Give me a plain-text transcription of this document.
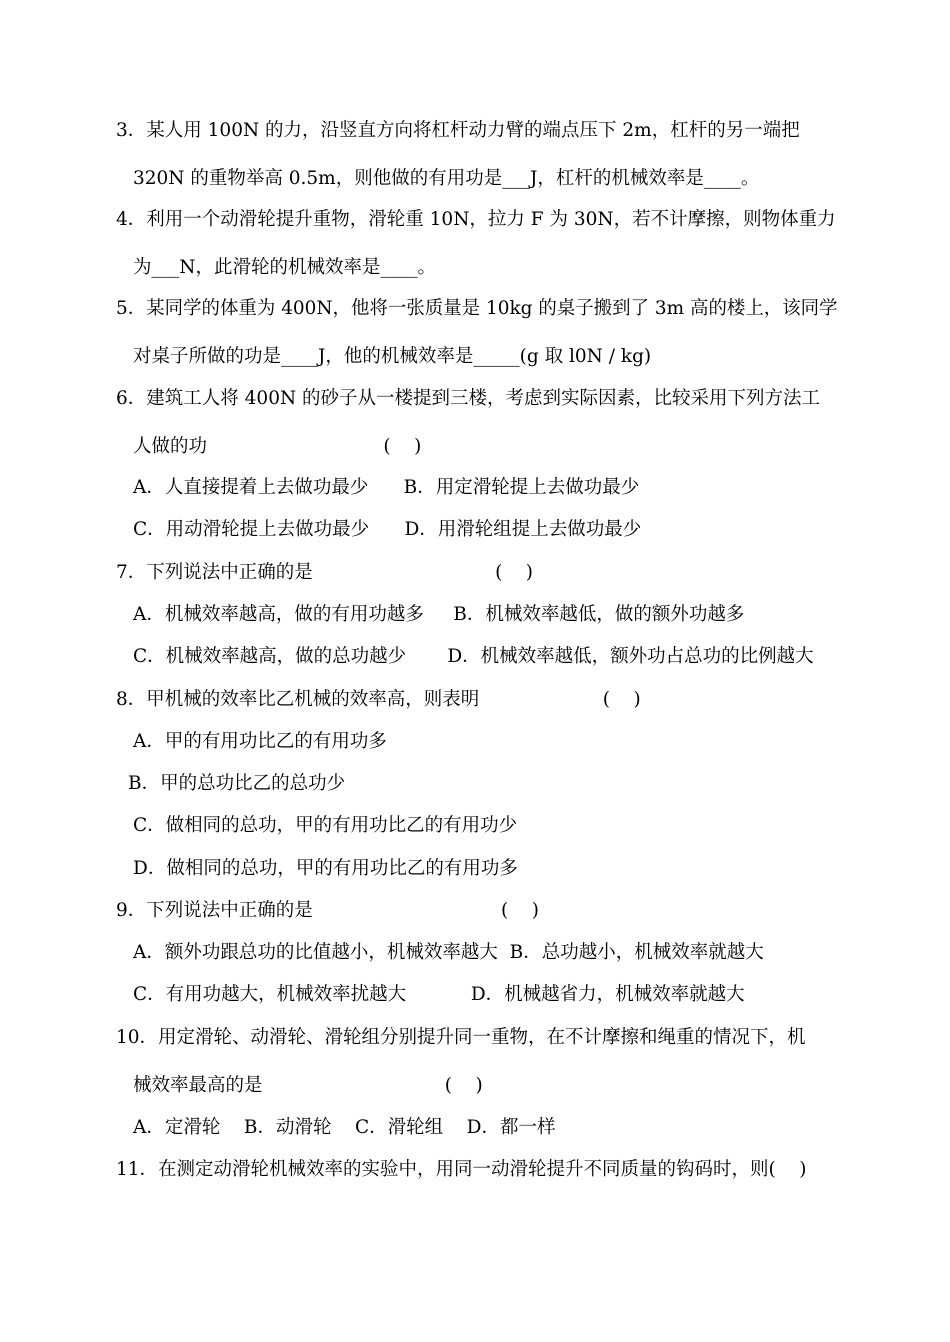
3．某人用 100N 的力，沿竖直方向将杠杆动力臂的端点压下 2m，杠杆的另一端把
320N 的重物举高 0.5m，则他做的有用功是___J，杠杆的机械效率是____。
4．利用一个动滑轮提升重物，滑轮重 10N，拉力 F 为 30N，若不计摩擦，则物体重力
为___N，此滑轮的机械效率是____。
5．某同学的体重为 400N，他将一张质量是 10kg 的桌子搬到了 3m 高的楼上，该同学
对桌子所做的功是____J，他的机械效率是_____(g 取 l0N / kg)
6．建筑工人将 400N 的砂子从一楼提到三楼，考虑到实际因素，比较采用下列方法工
人做的功                              (    )
A．人直接提着上去做功最少      B．用定滑轮提上去做功最少
C．用动滑轮提上去做功最少      D．用滑轮组提上去做功最少
7．下列说法中正确的是                               (    )
A．机械效率越高，做的有用功越多     B．机械效率越低，做的额外功越多
C．机械效率越高，做的总功越少       D．机械效率越低，额外功占总功的比例越大
8．甲机械的效率比乙机械的效率高，则表明                     (    )
A．甲的有用功比乙的有用功多
B．甲的总功比乙的总功少
C．做相同的总功，甲的有用功比乙的有用功少
D．做相同的总功，甲的有用功比乙的有用功多
9．下列说法中正确的是                                (    )
A．额外功跟总功的比值越小，机械效率越大  B．总功越小，机械效率就越大
C．有用功越大，机械效率扰越大           D．机械越省力，机械效率就越大
10．用定滑轮、动滑轮、滑轮组分别提升同一重物，在不计摩擦和绳重的情况下，机
械效率最高的是                               (    )
A．定滑轮    B．动滑轮    C．滑轮组    D．都一样
11．在测定动滑轮机械效率的实验中，用同一动滑轮提升不同质量的钩码时，则(    )
